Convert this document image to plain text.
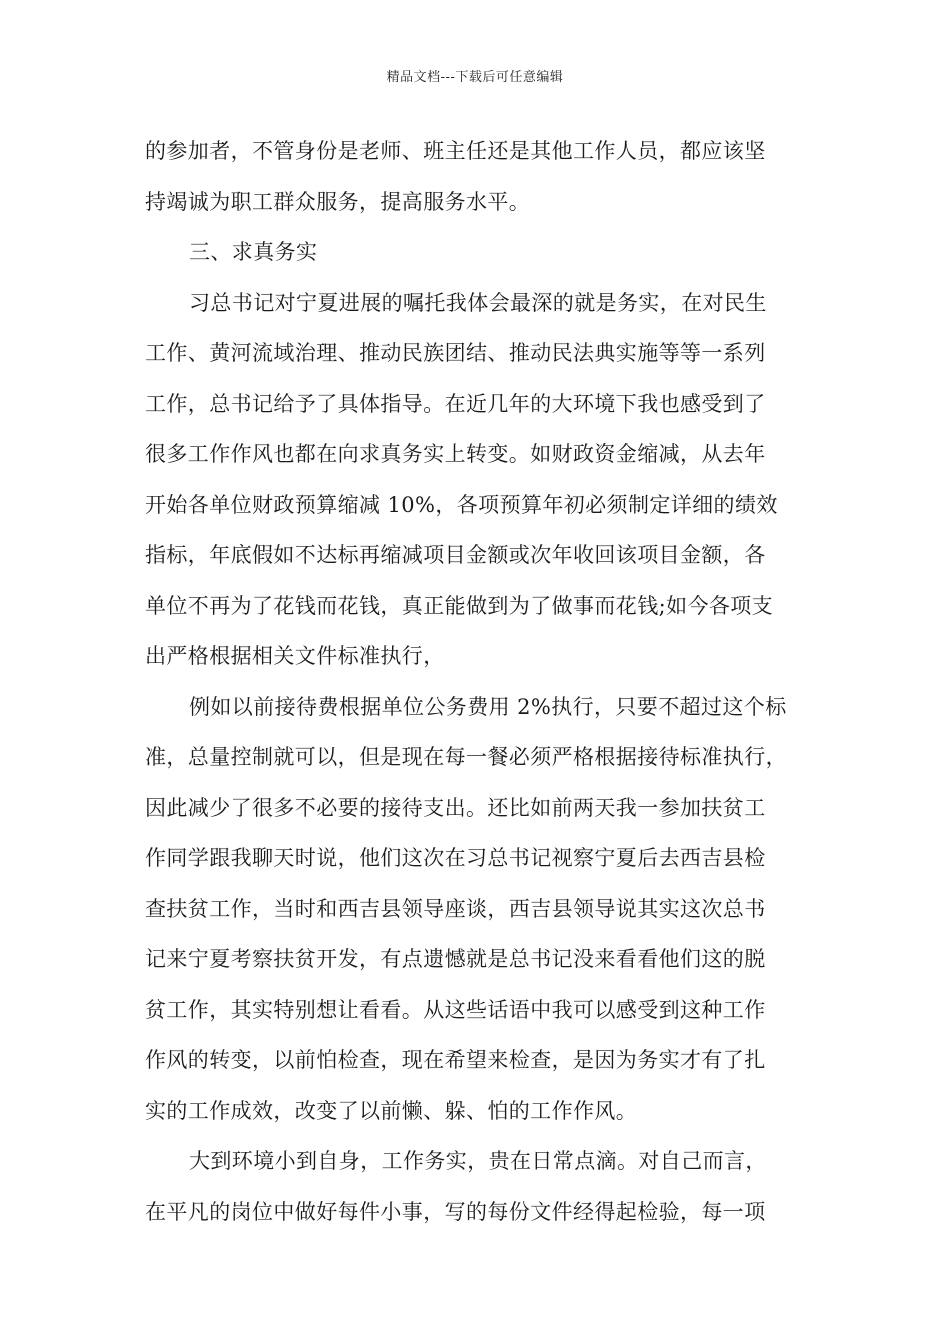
精品文档---下载后可任意编辑
的参加者，不管身份是老师、班主任还是其他工作人员，都应该坚
持竭诚为职工群众服务，提高服务水平。
三、求真务实
习总书记对宁夏进展的嘱托我体会最深的就是务实，在对民生
工作、黄河流域治理、推动民族团结、推动民法典实施等等一系列
工作，总书记给予了具体指导。在近几年的大环境下我也感受到了
很多工作作风也都在向求真务实上转变。如财政资金缩减，从去年
开始各单位财政预算缩减 10%，各项预算年初必须制定详细的绩效
指标，年底假如不达标再缩减项目金额或次年收回该项目金额，各
单位不再为了花钱而花钱，真正能做到为了做事而花钱;如今各项支
出严格根据相关文件标准执行，
例如以前接待费根据单位公务费用 2%执行，只要不超过这个标
准，总量控制就可以，但是现在每一餐必须严格根据接待标准执行，
因此减少了很多不必要的接待支出。还比如前两天我一参加扶贫工
作同学跟我聊天时说，他们这次在习总书记视察宁夏后去西吉县检
查扶贫工作，当时和西吉县领导座谈，西吉县领导说其实这次总书
记来宁夏考察扶贫开发，有点遗憾就是总书记没来看看他们这的脱
贫工作，其实特别想让看看。从这些话语中我可以感受到这种工作
作风的转变，以前怕检查，现在希望来检查，是因为务实才有了扎
实的工作成效，改变了以前懒、躲、怕的工作作风。
大到环境小到自身，工作务实，贵在日常点滴。对自己而言，
在平凡的岗位中做好每件小事，写的每份文件经得起检验，每一项
